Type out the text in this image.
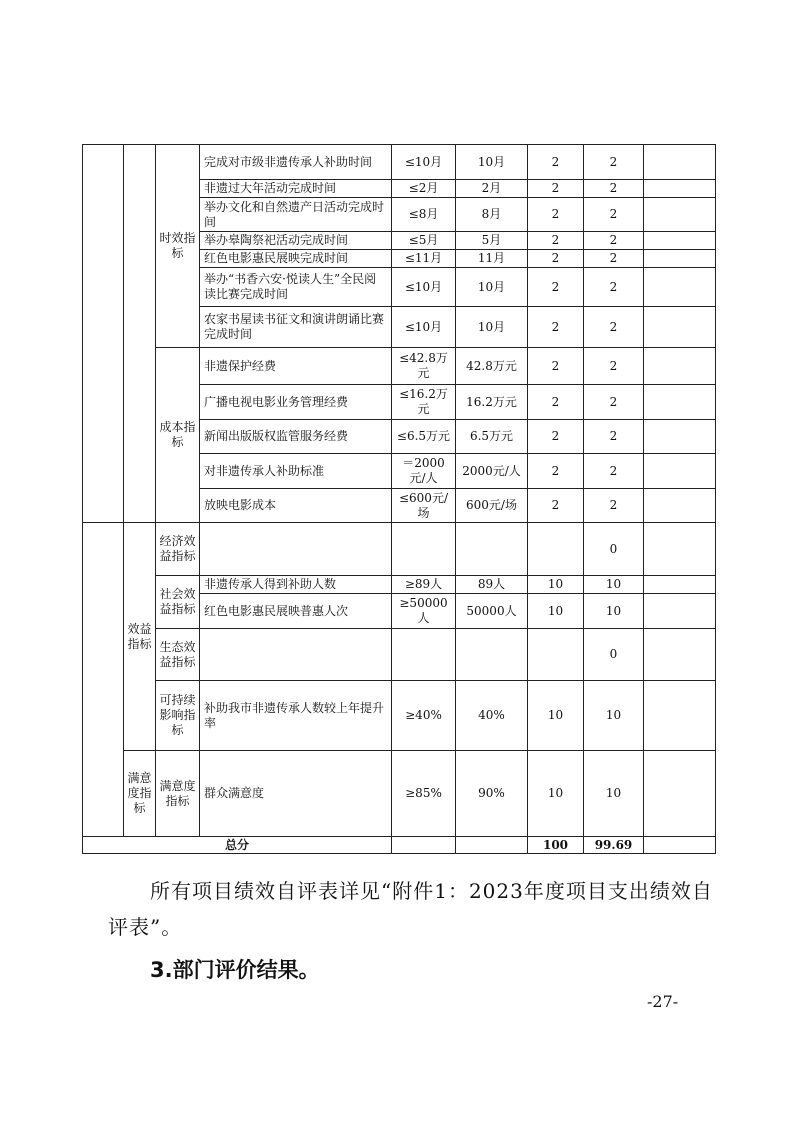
		时效指标	完成对市级非遗传承人补助时间	≤10月	10月	2	2	
			非遗过大年活动完成时间	≤2月	2月	2	2	
			举办文化和自然遗产日活动完成时间	≤8月	8月	2	2	
			举办皋陶祭祀活动完成时间	≤5月	5月	2	2	
			红色电影惠民展映完成时间	≤11月	11月	2	2	
			举办“书香六安·悦读人生”全民阅读比赛完成时间	≤10月	10月	2	2	
			农家书屋读书征文和演讲朗诵比赛完成时间	≤10月	10月	2	2	
		成本指标	非遗保护经费	≤42.8万元	42.8万元	2	2	
			广播电视电影业务管理经费	≤16.2万元	16.2万元	2	2	
			新闻出版版权监管服务经费	≤6.5万元	6.5万元	2	2	
			对非遗传承人补助标准	＝2000元/人	2000元/人	2	2	
			放映电影成本	≤600元/场	600元/场	2	2	
	效益指标	经济效益指标					0	
		社会效益指标	非遗传承人得到补助人数	≥89人	89人	10	10	
			红色电影惠民展映普惠人次	≥50000人	50000人	10	10	
		生态效益指标					0	
		可持续影响指标	补助我市非遗传承人数较上年提升率	≥40%	40%	10	10	
	满意度指标	满意度指标	群众满意度	≥85%	90%	10	10	
总分						100	99.69	
所有项目绩效自评表详见“附件1：2023年度项目支出绩效自评表”。
3.部门评价结果。
-27-
